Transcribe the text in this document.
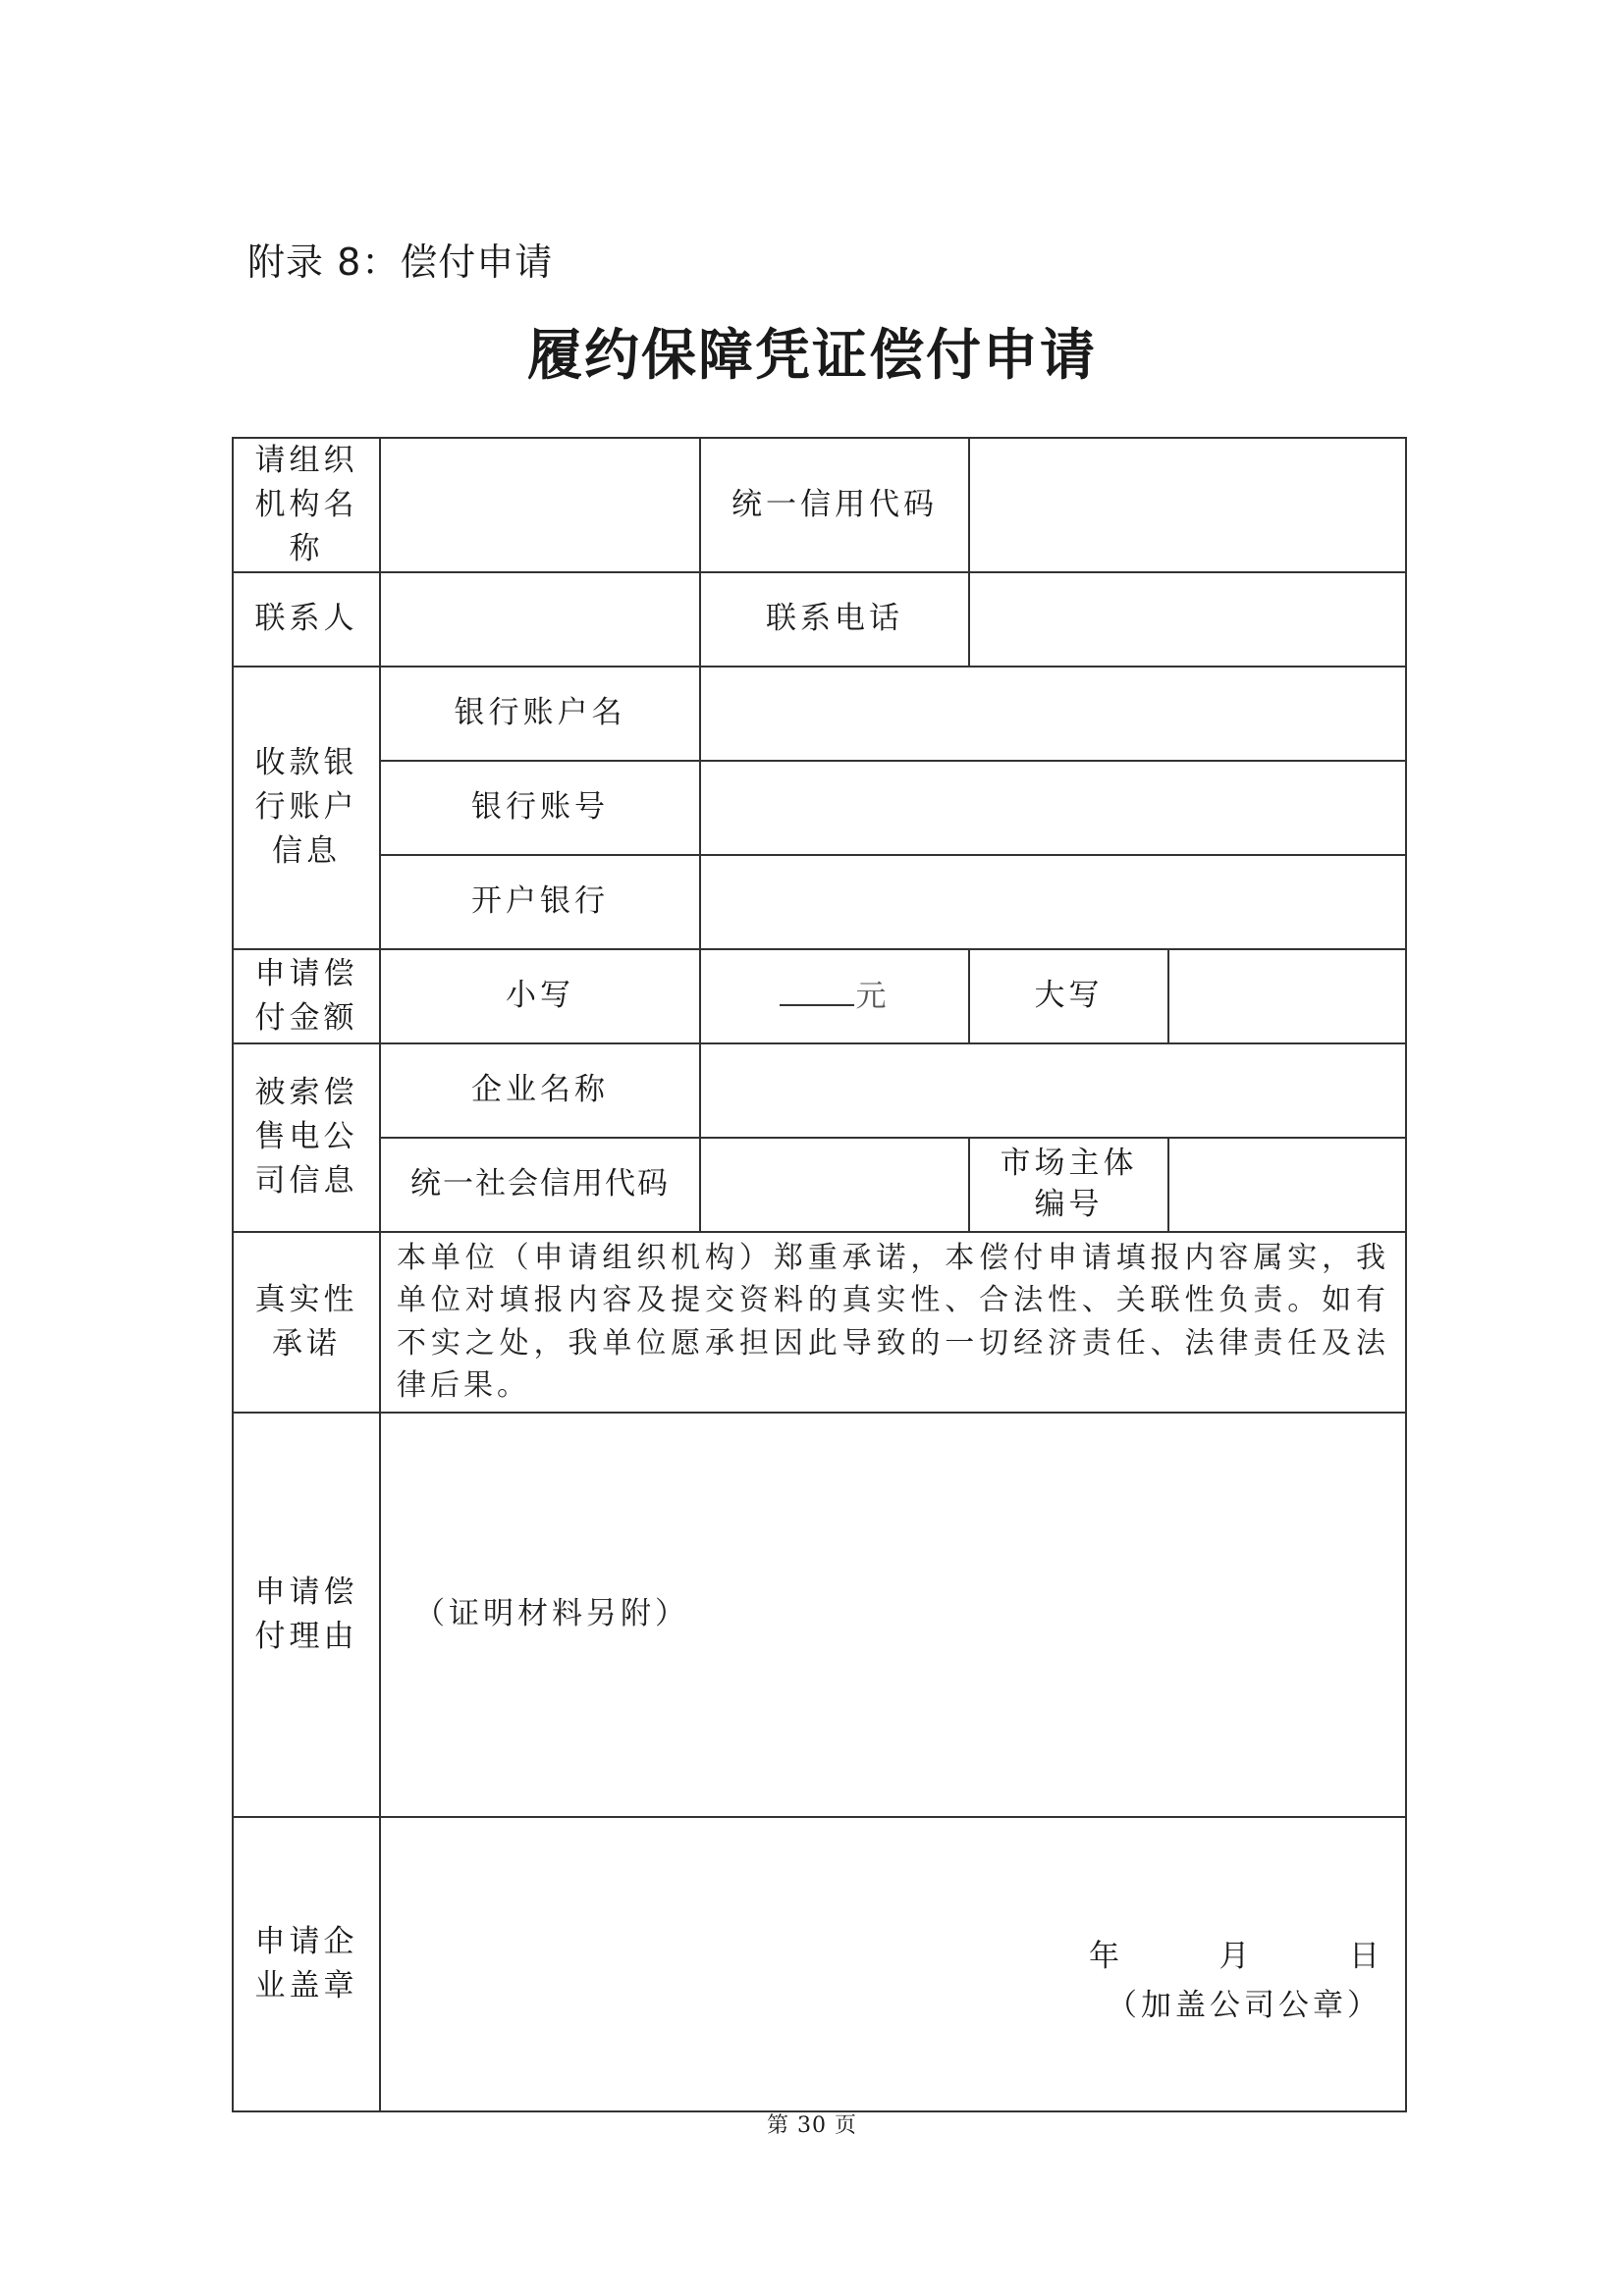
附录 8：偿付申请
履约保障凭证偿付申请
请组织机构名称		统一信用代码		
联系人		联系电话		
收款银行账户信息	银行账户名			
	银行账号			
	开户银行			
申请偿付金额	小写	元	大写	
被索偿售电公司信息	企业名称			
	统一社会信用代码		市场主体编号	
真实性承诺	本单位（申请组织机构）郑重承诺，本偿付申请填报内容属实，我单位对填报内容及提交资料的真实性、合法性、关联性负责。如有不实之处，我单位愿承担因此导致的一切经济责任、法律责任及法律后果。			
申请偿付理由	（证明材料另附）			
申请企业盖章	年 月 日
（加盖公司公章）			
第 30 页
